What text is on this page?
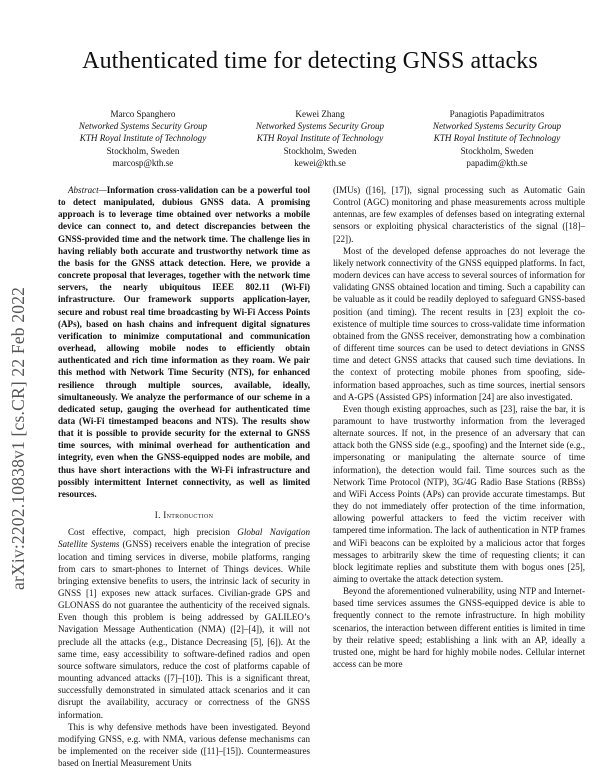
arXiv:2202.10838v1 [cs.CR] 22 Feb 2022
Authenticated time for detecting GNSS attacks
Marco Spanghero
Networked Systems Security Group
KTH Royal Institute of Technology
Stockholm, Sweden
marcosp@kth.se
Kewei Zhang
Networked Systems Security Group
KTH Royal Institute of Technology
Stockholm, Sweden
kewei@kth.se
Panagiotis Papadimitratos
Networked Systems Security Group
KTH Royal Institute of Technology
Stockholm, Sweden
papadim@kth.se

Abstract—Information cross-validation can be a powerful tool to detect manipulated, dubious GNSS data. A promising approach is to leverage time obtained over networks a mobile device can connect to, and detect discrepancies between the GNSS-provided time and the network time. The challenge lies in having reliably both accurate and trustworthy network time as the basis for the GNSS attack detection. Here, we provide a concrete proposal that leverages, together with the network time servers, the nearly ubiquitous IEEE 802.11 (Wi-Fi) infrastructure. Our framework supports application-layer, secure and robust real time broadcasting by Wi-Fi Access Points (APs), based on hash chains and infrequent digital signatures verification to minimize computational and communication overhead, allowing mobile nodes to efficiently obtain authenticated and rich time information as they roam. We pair this method with Network Time Security (NTS), for enhanced resilience through multiple sources, available, ideally, simultaneously. We analyze the performance of our scheme in a dedicated setup, gauging the overhead for authenticated time data (Wi-Fi timestamped beacons and NTS). The results show that it is possible to provide security for the external to GNSS time sources, with minimal overhead for authentication and integrity, even when the GNSS-equipped nodes are mobile, and thus have short interactions with the Wi-Fi infrastructure and possibly intermittent Internet connectivity, as well as limited resources.

I. Introduction

Cost effective, compact, high precision Global Navigation Satellite Systems (GNSS) receivers enable the integration of precise location and timing services in diverse, mobile platforms, ranging from cars to smart-phones to Internet of Things devices. While bringing extensive benefits to users, the intrinsic lack of security in GNSS [1] exposes new attack surfaces. Civilian-grade GPS and GLONASS do not guarantee the authenticity of the received signals. Even though this problem is being addressed by GALILEO’s Navigation Message Authentication (NMA) ([2]–[4]), it will not preclude all the attacks (e.g., Distance Decreasing [5], [6]). At the same time, easy accessibility to software-defined radios and open source software simulators, reduce the cost of platforms capable of mounting advanced attacks ([7]–[10]). This is a significant threat, successfully demonstrated in simulated attack scenarios and it can disrupt the availability, accuracy or correctness of the GNSS information.

This is why defensive methods have been investigated. Beyond modifying GNSS, e.g. with NMA, various defense mechanisms can be implemented on the receiver side ([11]–[15]). Countermeasures based on Inertial Measurement Units

(IMUs) ([16], [17]), signal processing such as Automatic Gain Control (AGC) monitoring and phase measurements across multiple antennas, are few examples of defenses based on integrating external sensors or exploiting physical characteristics of the signal ([18]–[22]).

Most of the developed defense approaches do not leverage the likely network connectivity of the GNSS equipped platforms. In fact, modern devices can have access to several sources of information for validating GNSS obtained location and timing. Such a capability can be valuable as it could be readily deployed to safeguard GNSS-based position (and timing). The recent results in [23] exploit the co-existence of multiple time sources to cross-validate time information obtained from the GNSS receiver, demonstrating how a combination of different time sources can be used to detect deviations in GNSS time and detect GNSS attacks that caused such time deviations. In the context of protecting mobile phones from spoofing, side-information based approaches, such as time sources, inertial sensors and A-GPS (Assisted GPS) information [24] are also investigated.

Even though existing approaches, such as [23], raise the bar, it is paramount to have trustworthy information from the leveraged alternate sources. If not, in the presence of an adversary that can attack both the GNSS side (e.g., spoofing) and the Internet side (e.g., impersonating or manipulating the alternate source of time information), the detection would fail. Time sources such as the Network Time Protocol (NTP), 3G/4G Radio Base Stations (RBSs) and WiFi Access Points (APs) can provide accurate timestamps. But they do not immediately offer protection of the time information, allowing powerful attackers to feed the victim receiver with tampered time information. The lack of authentication in NTP frames and WiFi beacons can be exploited by a malicious actor that forges messages to arbitrarily skew the time of requesting clients; it can block legitimate replies and substitute them with bogus ones [25], aiming to overtake the attack detection system.

Beyond the aforementioned vulnerability, using NTP and Internet-based time services assumes the GNSS-equipped device is able to frequently connect to the remote infrastructure. In high mobility scenarios, the interaction between different entities is limited in time by their relative speed; establishing a link with an AP, ideally a trusted one, might be hard for highly mobile nodes. Cellular internet access can be more
